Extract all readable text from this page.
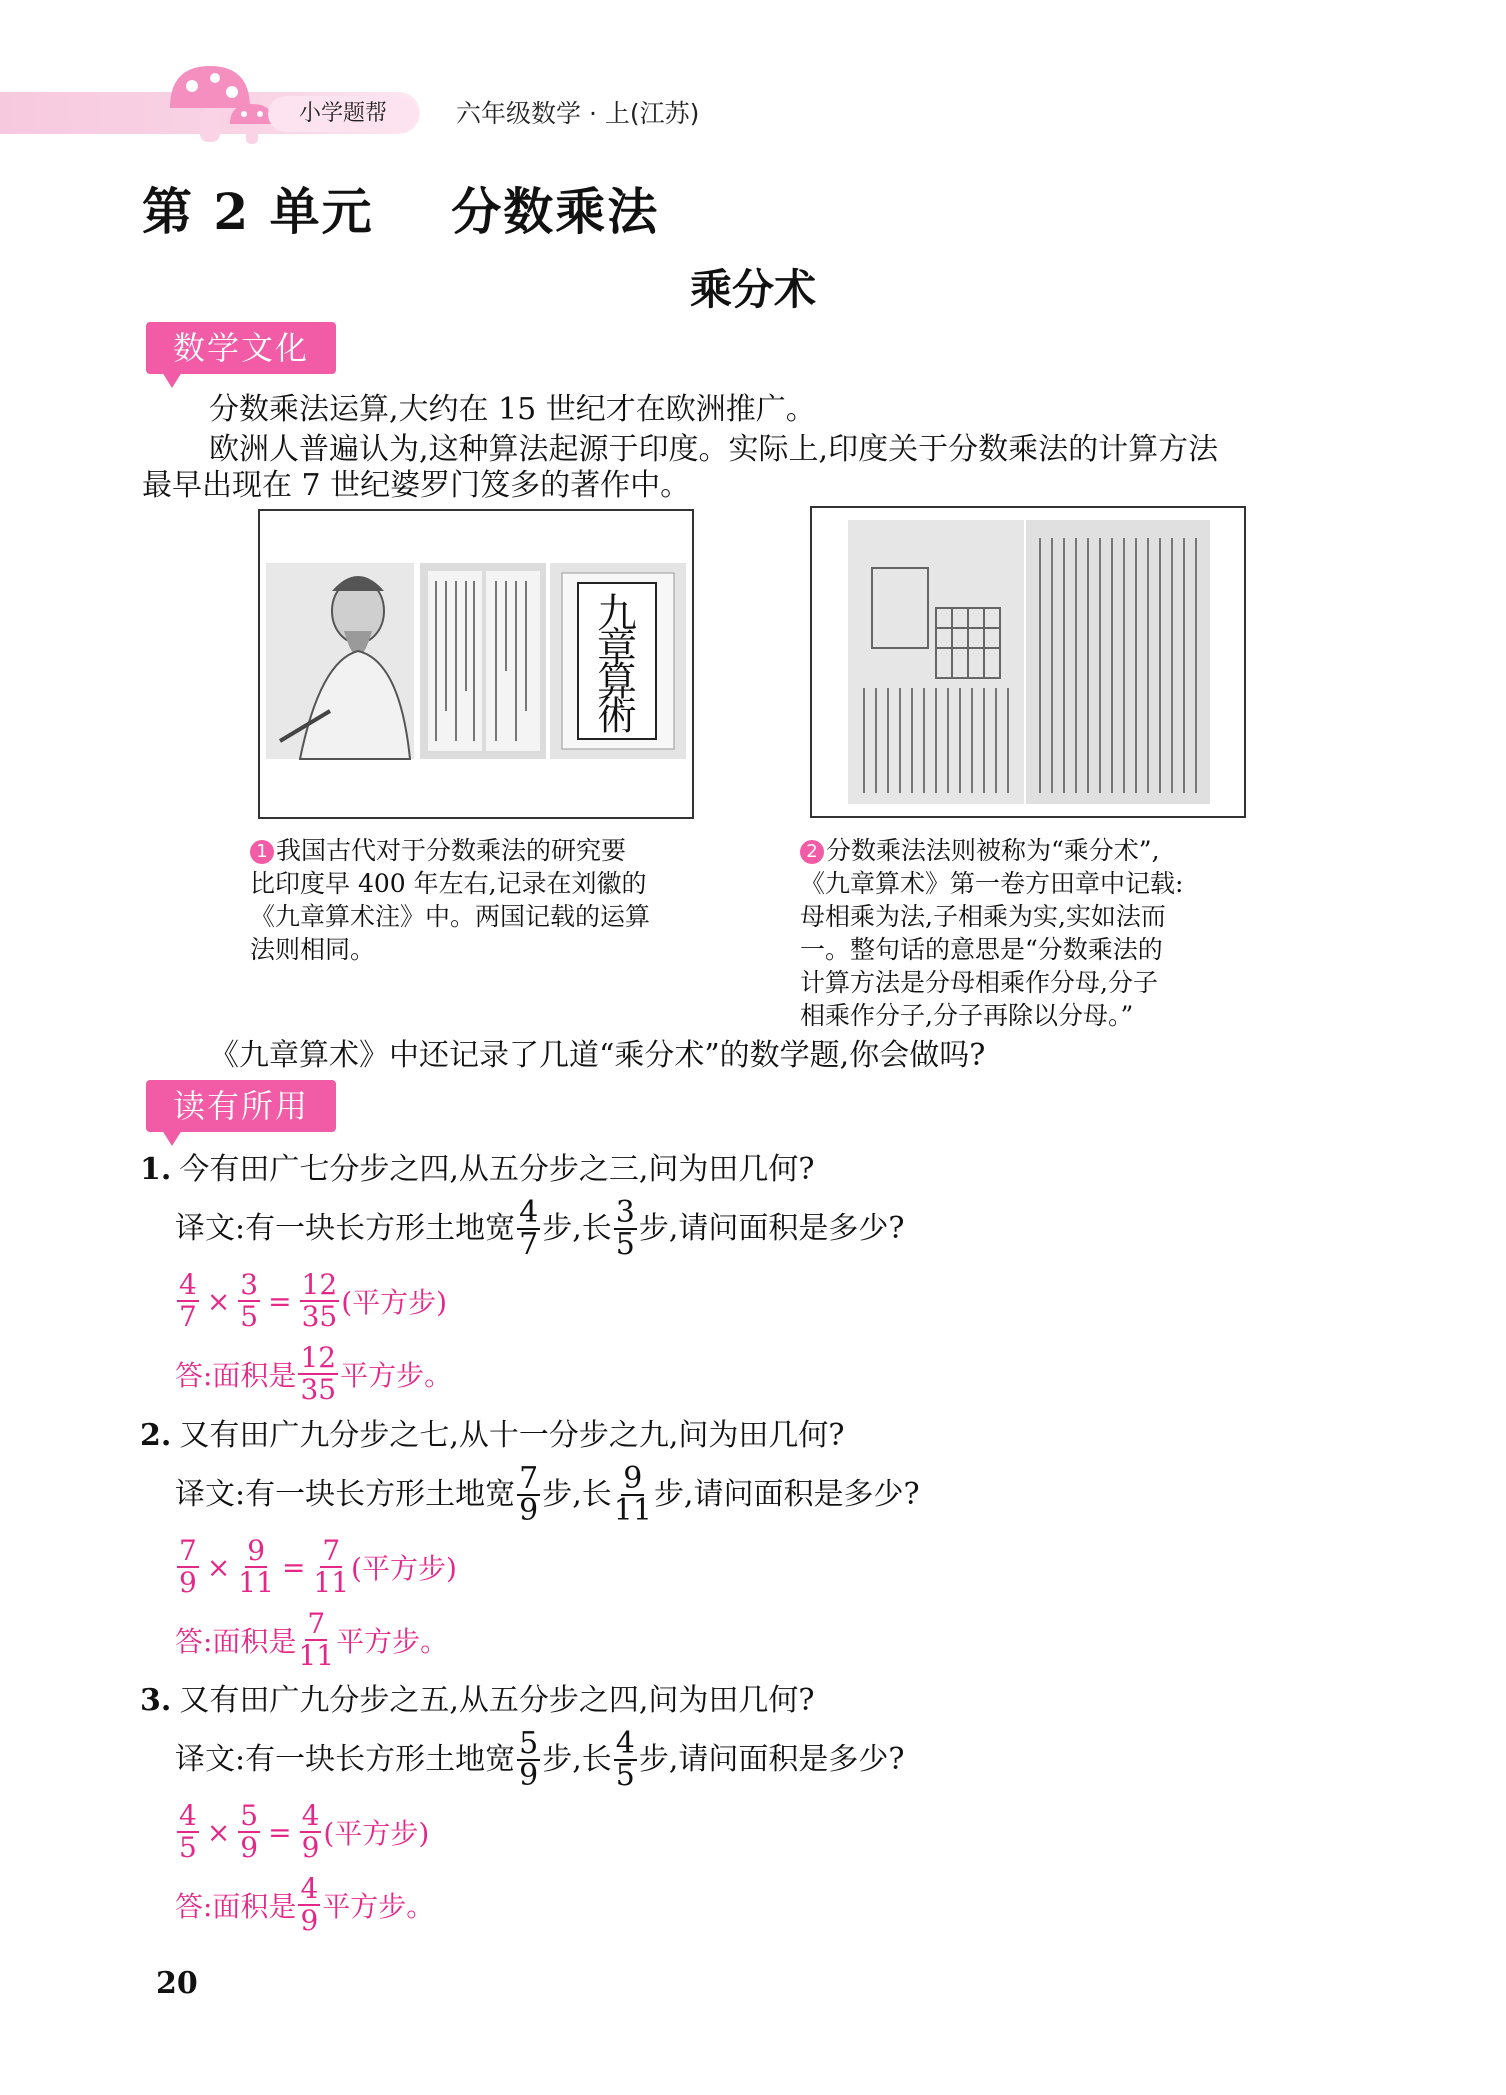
小学题帮	六年级数学 · 上(江苏)
第 2 单元    分数乘法
乘分术
数学文化
分数乘法运算,大约在 15 世纪才在欧洲推广。
欧洲人普遍认为,这种算法起源于印度。实际上,印度关于分数乘法的计算方法
最早出现在 7 世纪婆罗门笈多的著作中。
九章算術
1 我国古代对于分数乘法的研究要
比印度早 400 年左右,记录在刘徽的
《九章算术注》中。两国记载的运算
法则相同。
2 分数乘法法则被称为“乘分术”,
《九章算术》第一卷方田章中记载:
母相乘为法,子相乘为实,实如法而
一。整句话的意思是“分数乘法的
计算方法是分母相乘作分母,分子
相乘作分子,分子再除以分母。”
《九章算术》中还记录了几道“乘分术”的数学题,你会做吗?
读有所用
1. 今有田广七分步之四,从五分步之三,问为田几何?
译文:有一块长方形土地宽 $\frac{4}{7}$ 步,长 $\frac{3}{5}$ 步,请问面积是多少?
$\frac{4}{7} \times \frac{3}{5} = \frac{12}{35}$ (平方步)
答:面积是 $\frac{12}{35}$ 平方步。
2. 又有田广九分步之七,从十一分步之九,问为田几何?
译文:有一块长方形土地宽 $\frac{7}{9}$ 步,长 $\frac{9}{11}$ 步,请问面积是多少?
$\frac{7}{9} \times \frac{9}{11} = \frac{7}{11}$ (平方步)
答:面积是 $\frac{7}{11}$ 平方步。
3. 又有田广九分步之五,从五分步之四,问为田几何?
译文:有一块长方形土地宽 $\frac{5}{9}$ 步,长 $\frac{4}{5}$ 步,请问面积是多少?
$\frac{4}{5} \times \frac{5}{9} = \frac{4}{9}$ (平方步)
答:面积是 $\frac{4}{9}$ 平方步。
20
